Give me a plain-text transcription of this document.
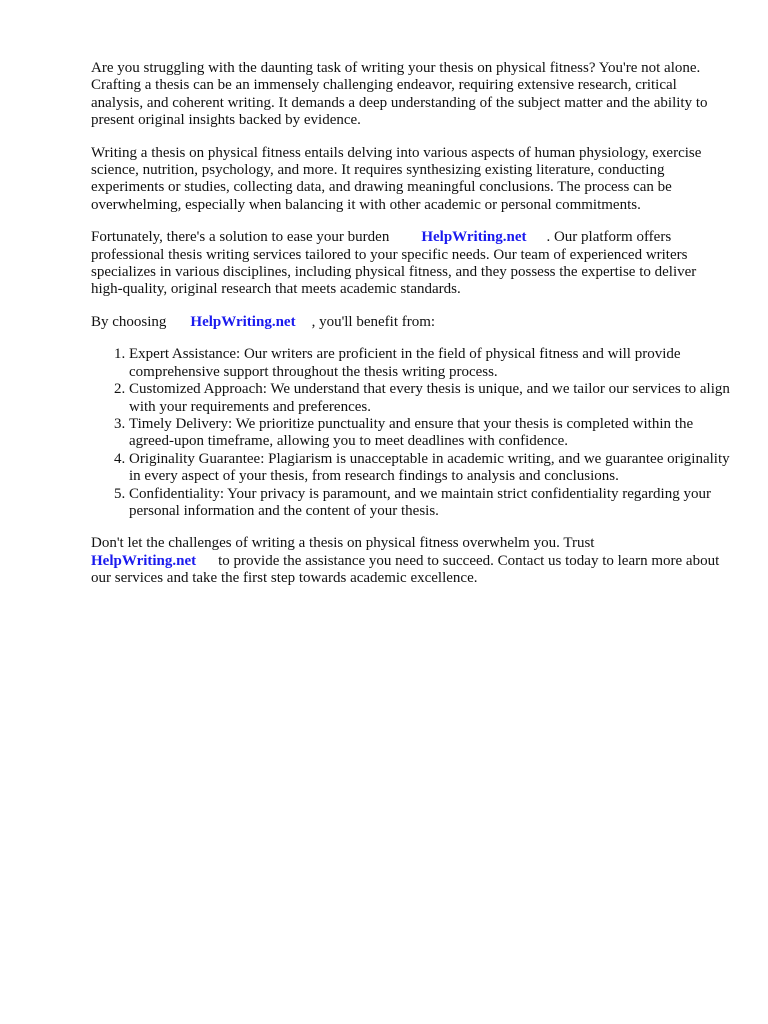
Are you struggling with the daunting task of writing your thesis on physical fitness? You're not alone. Crafting a thesis can be an immensely challenging endeavor, requiring extensive research, critical analysis, and coherent writing. It demands a deep understanding of the subject matter and the ability to present original insights backed by evidence.

Writing a thesis on physical fitness entails delving into various aspects of human physiology, exercise science, nutrition, psychology, and more. It requires synthesizing existing literature, conducting experiments or studies, collecting data, and drawing meaningful conclusions. The process can be overwhelming, especially when balancing it with other academic or personal commitments.

Fortunately, there's a solution to ease your burden HelpWriting.net . Our platform offers professional thesis writing services tailored to your specific needs. Our team of experienced writers specializes in various disciplines, including physical fitness, and they possess the expertise to deliver high-quality, original research that meets academic standards.

By choosing HelpWriting.net , you'll benefit from:

1. Expert Assistance: Our writers are proficient in the field of physical fitness and will provide comprehensive support throughout the thesis writing process.
2. Customized Approach: We understand that every thesis is unique, and we tailor our services to align with your requirements and preferences.
3. Timely Delivery: We prioritize punctuality and ensure that your thesis is completed within the agreed-upon timeframe, allowing you to meet deadlines with confidence.
4. Originality Guarantee: Plagiarism is unacceptable in academic writing, and we guarantee originality in every aspect of your thesis, from research findings to analysis and conclusions.
5. Confidentiality: Your privacy is paramount, and we maintain strict confidentiality regarding your personal information and the content of your thesis.

Don't let the challenges of writing a thesis on physical fitness overwhelm you. Trust
HelpWriting.net to provide the assistance you need to succeed. Contact us today to learn more about our services and take the first step towards academic excellence.
